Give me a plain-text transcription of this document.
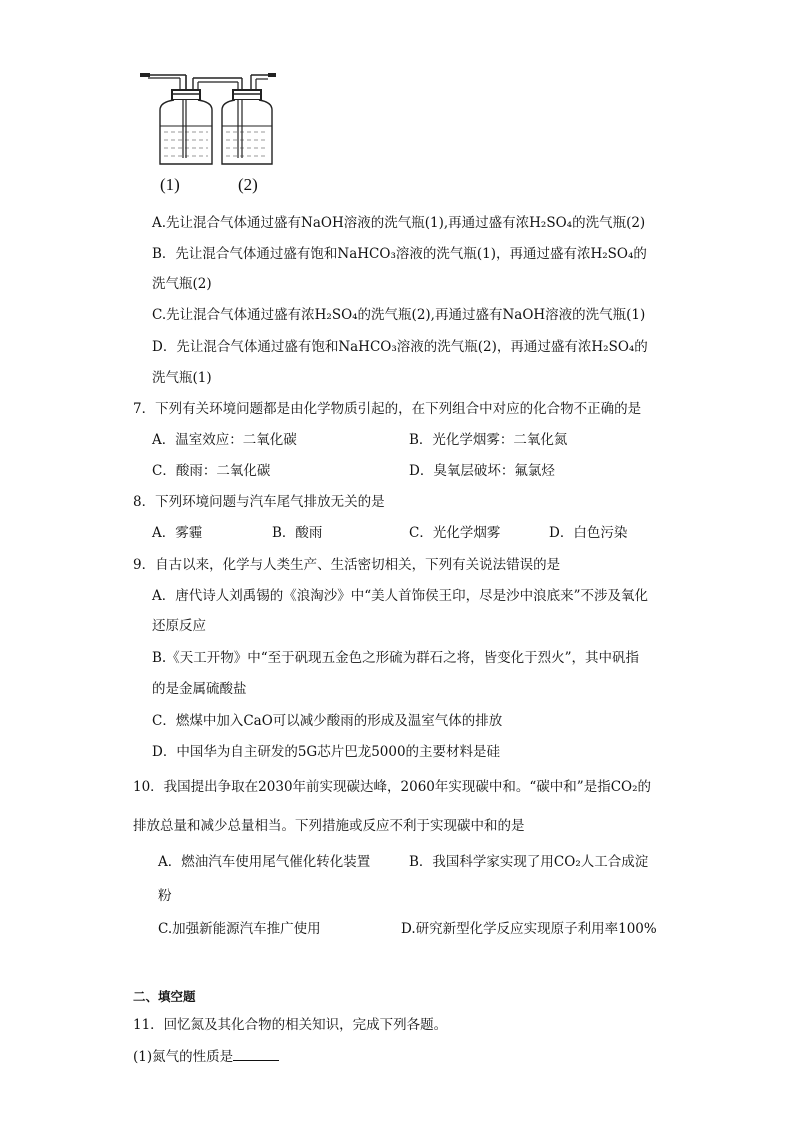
(1)	(2)
A.先让混合气体通过盛有NaOH溶液的洗气瓶(1),再通过盛有浓H₂SO₄的洗气瓶(2)
B．先让混合气体通过盛有饱和NaHCO₃溶液的洗气瓶(1)，再通过盛有浓H₂SO₄的
洗气瓶(2)
C.先让混合气体通过盛有浓H₂SO₄的洗气瓶(2),再通过盛有NaOH溶液的洗气瓶(1)
D．先让混合气体通过盛有饱和NaHCO₃溶液的洗气瓶(2)，再通过盛有浓H₂SO₄的
洗气瓶(1)
7．下列有关环境问题都是由化学物质引起的，在下列组合中对应的化合物不正确的是
A．温室效应：二氧化碳	B．光化学烟雾：二氧化氮
C．酸雨：二氧化碳	D．臭氧层破坏：氟氯烃
8．下列环境问题与汽车尾气排放无关的是
A．雾霾	B．酸雨	C．光化学烟雾	D．白色污染
9．自古以来，化学与人类生产、生活密切相关，下列有关说法错误的是
A．唐代诗人刘禹锡的《浪淘沙》中“美人首饰侯王印，尽是沙中浪底来”不涉及氧化
还原反应
B.《天工开物》中“至于矾现五金色之形硫为群石之将，皆变化于烈火”，其中矾指
的是金属硫酸盐
C．燃煤中加入CaO可以减少酸雨的形成及温室气体的排放
D．中国华为自主研发的5G芯片巴龙5000的主要材料是硅
10．我国提出争取在2030年前实现碳达峰，2060年实现碳中和。“碳中和”是指CO₂的
排放总量和减少总量相当。下列措施或反应不利于实现碳中和的是
A．燃油汽车使用尾气催化转化装置	B．我国科学家实现了用CO₂人工合成淀
粉
C.加强新能源汽车推广使用	D.研究新型化学反应实现原子利用率100%
二、填空题
11．回忆氮及其化合物的相关知识，完成下列各题。
(1)氮气的性质是
